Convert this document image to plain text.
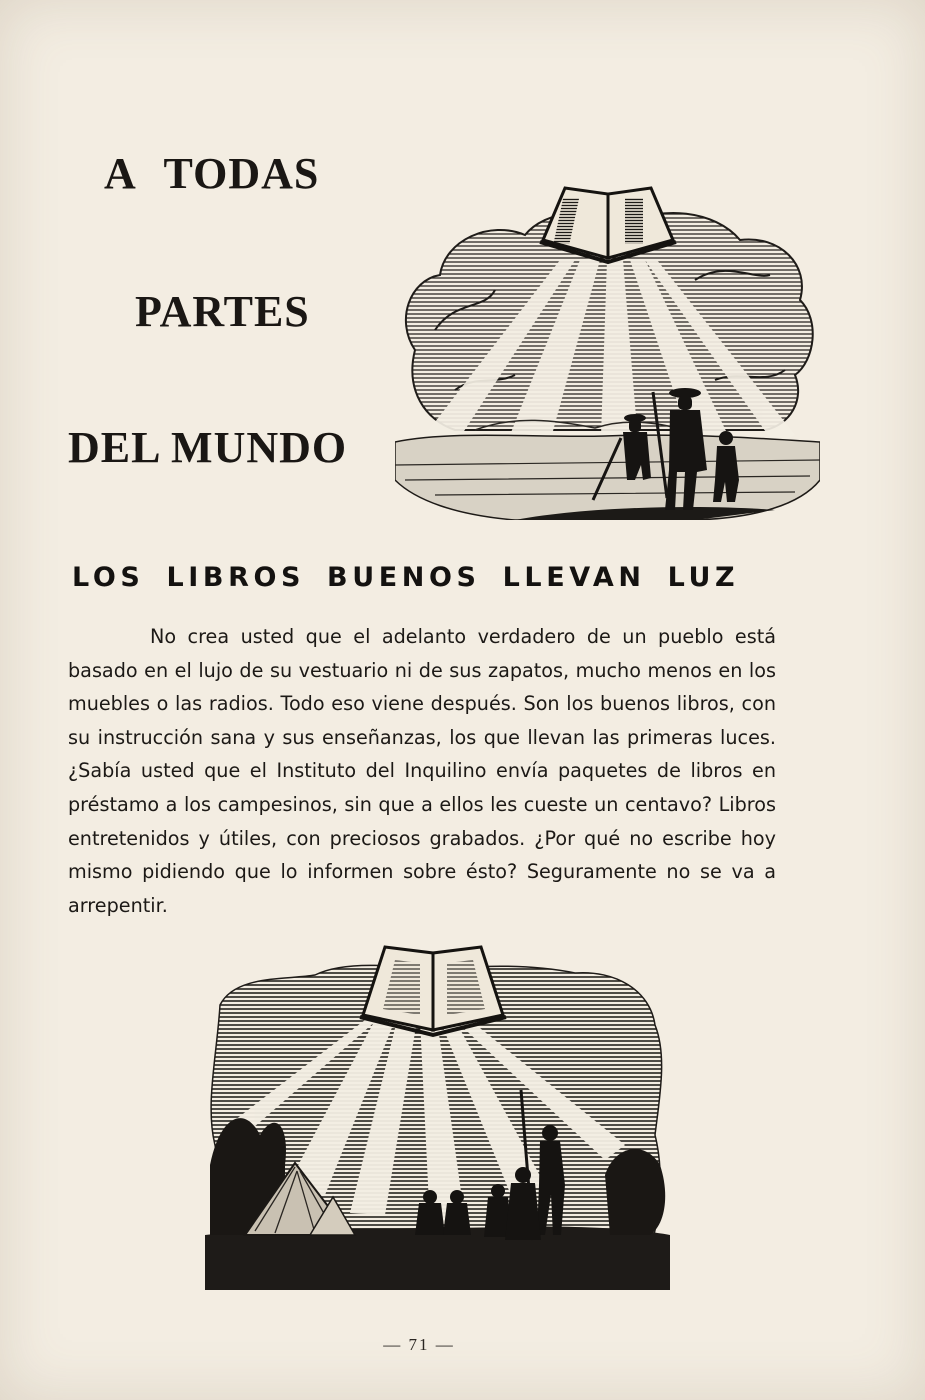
A TODAS
PARTES
DEL MUNDO
LOS LIBROS BUENOS LLEVAN LUZ

No crea usted que el adelanto verdadero de un pueblo está basado en el lujo de su vestuario ni de sus zapatos, mucho menos en los muebles o las radios. Todo eso viene después. Son los buenos libros, con su instrucción sana y sus enseñanzas, los que llevan las primeras luces. ¿Sabía usted que el Instituto del Inquilino envía paquetes de libros en préstamo a los campesinos, sin que a ellos les cueste un centavo? Libros entretenidos y útiles, con preciosos grabados. ¿Por qué no escribe hoy mismo pidiendo que lo informen sobre ésto? Seguramente no se va a arrepentir.

— 71 —
